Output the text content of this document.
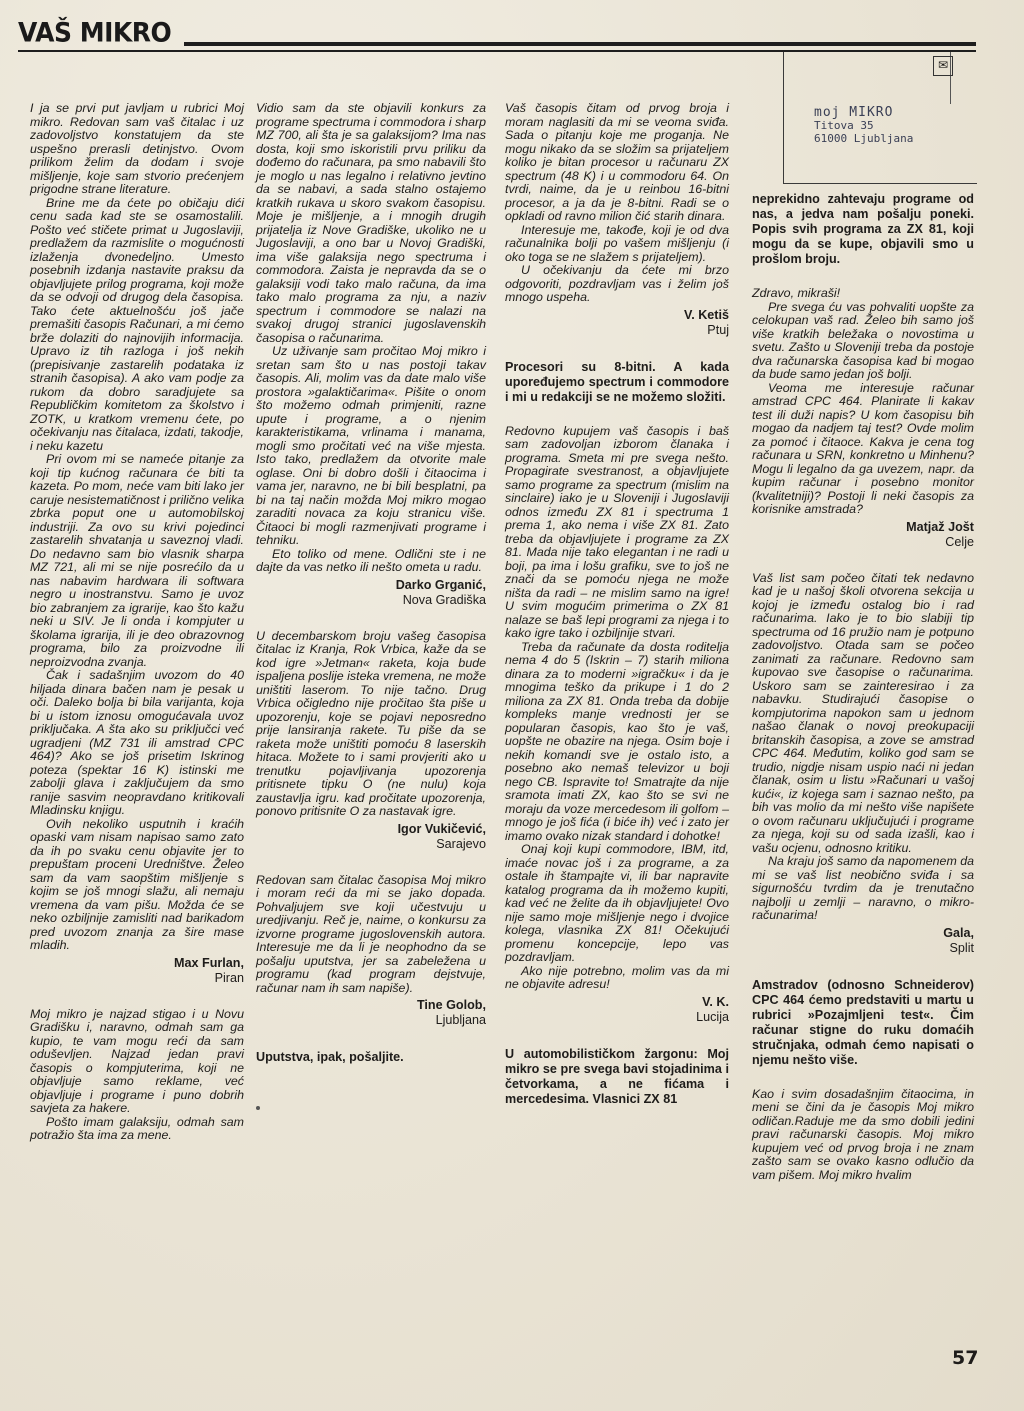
VAŠ MIKRO
✉
moj MIKRO
Titova 35
61000 Ljubljana

I ja se prvi put javljam u rubrici Moj mikro. Redovan sam vaš čitalac i uz zadovoljstvo konstatujem da ste uspešno prerasli detinjstvo. Ovom prilikom želim da dodam i svoje mišljenje, koje sam stvorio prećenjem prigodne strane literature.

Brine me da ćete po običaju dići cenu sada kad ste se osamostalili. Pošto već stičete primat u Jugoslaviji, predlažem da razmislite o mogućnosti izlaženja dvonedeljno. Umesto posebnih izdanja nastavite praksu da objavljujete prilog programa, koji može da se odvoji od drugog dela časopisa. Tako ćete aktuelnošću još jače premašiti časopis Računari, a mi ćemo brže dolaziti do najnovijih informacija. Upravo iz tih razloga i još nekih (prepisivanje zastarelih podataka iz stranih časopisa). A ako vam podje za rukom da dobro saradjujete sa Republičkim komitetom za školstvo i ZOTK, u kratkom vremenu ćete, po očekivanju nas čitalaca, izdati, takodje, i neku kazetu

Pri ovom mi se nameće pitanje za koji tip kućnog računara će biti ta kazeta. Po mom, neće vam biti lako jer caruje nesistematičnost i prilično velika zbrka poput one u automobilskoj industriji. Za ovo su krivi pojedinci zastarelih shvatanja u saveznoj vladi. Do nedavno sam bio vlasnik sharpa MZ 721, ali mi se nije posrećilo da u nas nabavim hardwara ili softwara negro u inostranstvu. Samo je uvoz bio zabranjem za igrarije, kao što kažu neki u SIV. Je li onda i kompjuter u školama igrarija, ili je deo obrazovnog programa, bilo za proizvodne ili neproizvodna zvanja.

Čak i sadašnjim uvozom do 40 hiljada dinara bačen nam je pesak u oči. Daleko bolja bi bila varijanta, koja bi u istom iznosu omogućavala uvoz priključaka. A šta ako su priključci već ugradjeni (MZ 731 ili amstrad CPC 464)? Ako se još prisetim Iskrinog poteza (spektar 16 K) istinski me zabolji glava i zaključujem da smo ranije sasvim neopravdano kritikovali Mladinsku knjigu.

Ovih nekoliko usputnih i kraćih opaski vam nisam napisao samo zato da ih po svaku cenu objavite jer to prepuštam proceni Uredništve. Želeo sam da vam saopštim mišljenje s kojim se još mnogi slažu, ali nemaju vremena da vam pišu. Možda će se neko ozbiljnije zamisliti nad barikadom pred uvozom znanja za šire mase mladih.

Max Furlan,
Piran

Moj mikro je najzad stigao i u Novu Gradišku i, naravno, odmah sam ga kupio, te vam mogu reći da sam oduševljen. Najzad jedan pravi časopis o kompjuterima, koji ne objavljuje samo reklame, već objavljuje i programe i puno dobrih savjeta za hakere.

Pošto imam galaksiju, odmah sam potražio šta ima za mene.

Vidio sam da ste objavili konkurs za programe spectruma i commodora i sharp MZ 700, ali šta je sa galaksijom? Ima nas dosta, koji smo iskoristili prvu priliku da dođemo do računara, pa smo nabavili što je moglo u nas legalno i relativno jevtino da se nabavi, a sada stalno ostajemo kratkih rukava u skoro svakom časopisu. Moje je mišljenje, a i mnogih drugih prijatelja iz Nove Gradiške, ukoliko ne u Jugoslaviji, a ono bar u Novoj Gradiški, ima više galaksija nego spectruma i commodora. Zaista je nepravda da se o galaksiji vodi tako malo računa, da ima tako malo programa za nju, a naziv spectrum i commodore se nalazi na svakoj drugoj stranici jugoslavenskih časopisa o računarima.

Uz uživanje sam pročitao Moj mikro i sretan sam što u nas postoji takav časopis. Ali, molim vas da date malo više prostora »galaktičarima«. Pišite o onom što možemo odmah primjeniti, razne upute i programe, a o njenim karakteristikama, vrlinama i manama, mogli smo pročitati već na više mjesta. Isto tako, predlažem da otvorite male oglase. Oni bi dobro došli i čitaocima i vama jer, naravno, ne bi bili besplatni, pa bi na taj način možda Moj mikro mogao zaraditi novaca za koju stranicu više. Čitaoci bi mogli razmenjivati programe i tehniku.

Eto toliko od mene. Odlični ste i ne dajte da vas netko ili nešto ometa u radu.

Darko Grganić,
Nova Gradiška

U decembarskom broju vašeg časopisa čitalac iz Kranja, Rok Vrbica, kaže da se kod igre »Jetman« raketa, koja bude ispaljena poslije isteka vremena, ne može uništiti laserom. To nije tačno. Drug Vrbica očigledno nije pročitao šta piše u upozorenju, koje se pojavi neposredno prije lansiranja rakete. Tu piše da se raketa može uništiti pomoću 8 laserskih hitaca. Možete to i sami provjeriti ako u trenutku pojavljivanja upozorenja pritisnete tipku O (ne nulu) koja zaustavlja igru. kad pročitate upozorenja, ponovo pritisnite O za nastavak igre.

Igor Vukičević,
Sarajevo

Redovan sam čitalac časopisa Moj mikro i moram reći da mi se jako dopada. Pohvaljujem sve koji učestvuju u uredjivanju. Reč je, naime, o konkursu za izvorne programe jugoslovenskih autora. Interesuje me da li je neophodno da se pošalju uputstva, jer sa zabeležena u programu (kad program dejstvuje, računar nam ih sam napiše).

Tine Golob,
Ljubljana
Uputstva, ipak, pošaljite.

Vaš časopis čitam od prvog broja i moram naglasiti da mi se veoma sviđa. Sada o pitanju koje me proganja. Ne mogu nikako da se složim sa prijateljem koliko je bitan procesor u računaru ZX spectrum (48 K) i u commodoru 64. On tvrdi, naime, da je u reinbou 16-bitni procesor, a ja da je 8-bitni. Radi se o opkladi od ravno milion čić starih dinara.

Interesuje me, takođe, koji je od dva računalnika bolji po vašem mišljenju (i oko toga se ne slažem s prijateljem).

U očekivanju da ćete mi brzo odgovoriti, pozdravljam vas i želim još mnogo uspeha.

V. Ketiš
Ptuj
Procesori su 8-bitni. A kada upoređujemo spectrum i commodore i mi u redakciji se ne možemo složiti.

Redovno kupujem vaš časopis i baš sam zadovoljan izborom članaka i programa. Smeta mi pre svega nešto. Propagirate svestranost, a objavljujete samo programe za spectrum (mislim na sinclaire) iako je u Sloveniji i Jugoslaviji odnos između ZX 81 i spectruma 1 prema 1, ako nema i više ZX 81. Zato treba da objavljujete i programe za ZX 81. Mada nije tako elegantan i ne radi u boji, pa ima i lošu grafiku, sve to još ne znači da se pomoću njega ne može ništa da radi – ne mislim samo na igre! U svim mogućim primerima o ZX 81 nalaze se baš lepi programi za njega i to kako igre tako i ozbiljnije stvari.

Treba da računate da dosta roditelja nema 4 do 5 (Iskrin – 7) starih miliona dinara za to moderni »igračku« i da je mnogima teško da prikupe i 1 do 2 miliona za ZX 81. Onda treba da dobije kompleks manje vrednosti jer se popularan časopis, kao što je vaš, uopšte ne obazire na njega. Osim boje i nekih komandi sve je ostalo isto, a posebno ako nemaš televizor u boji nego CB. Ispravite to! Smatrajte da nije sramota imati ZX, kao što se svi ne moraju da voze mercedesom ili golfom – mnogo je još fića (i biće ih) već i zato jer imamo ovako nizak standard i dohotke!

Onaj koji kupi commodore, IBM, itd, imaće novac još i za programe, a za ostale ih štampajte vi, ili bar napravite katalog programa da ih možemo kupiti, kad već ne želite da ih objavljujete! Ovo nije samo moje mišljenje nego i dvojice kolega, vlasnika ZX 81! Očekujući promenu koncepcije, lepo vas pozdravljam.

Ako nije potrebno, molim vas da mi ne objavite adresu!

V. K.
Lucija
U automobilističkom žargonu: Moj mikro se pre svega bavi stojadinima i četvorkama, a ne fićama i mercedesima. Vlasnici ZX 81
neprekidno zahtevaju programe od nas, a jedva nam pošalju poneki. Popis svih programa za ZX 81, koji mogu da se kupe, objavili smo u prošlom broju.

Zdravo, mikraši!

Pre svega ću vas pohvaliti uopšte za celokupan vaš rad. Želeo bih samo još više kratkih beležaka o novostima u svetu. Zašto u Sloveniji treba da postoje dva računarska časopisa kad bi mogao da bude samo jedan još bolji.

Veoma me interesuje računar amstrad CPC 464. Planirate li kakav test ili duži napis? U kom časopisu bih mogao da nadjem taj test? Ovde molim za pomoć i čitaoce. Kakva je cena tog računara u SRN, konkretno u Minhenu? Mogu li legalno da ga uvezem, napr. da kupim računar i posebno monitor (kvalitetniji)? Postoji li neki časopis za korisnike amstrada?

Matjaž Jošt
Celje

Vaš list sam počeo čitati tek nedavno kad je u našoj školi otvorena sekcija u kojoj je između ostalog bio i rad računarima. Iako je to bio slabiji tip spectruma od 16 pružio nam je potpuno zadovoljstvo. Otada sam se počeo zanimati za računare. Redovno sam kupovao sve časopise o računarima. Uskoro sam se zainteresirao i za nabavku. Studirajući časopise o kompjutorima napokon sam u jednom našao članak o novoj preokupaciji britanskih časopisa, a zove se amstrad CPC 464. Međutim, koliko god sam se trudio, nigdje nisam uspio naći ni jedan članak, osim u listu »Računari u vašoj kući«, iz kojega sam i saznao nešto, pa bih vas molio da mi nešto više napišete o ovom računaru uključujući i programe za njega, koji su od sada izašli, kao i vašu ocjenu, odnosno kritiku.

Na kraju još samo da napomenem da mi se vaš list neobično sviđa i sa sigurnošću tvrdim da je trenutačno najbolji u zemlji – naravno, o mikro-računarima!

Gala,
Split
Amstradov (odnosno Schneiderov) CPC 464 ćemo predstaviti u martu u rubrici »Pozajmljeni test«. Čim računar stigne do ruku domaćih stručnjaka, odmah ćemo napisati o njemu nešto više.

Kao i svim dosadašnjim čitaocima, in meni se čini da je časopis Moj mikro odličan.Raduje me da smo dobili jedini pravi računarski časopis. Moj mikro kupujem već od prvog broja i ne znam zašto sam se ovako kasno odlučio da vam pišem. Moj mikro hvalim

57
